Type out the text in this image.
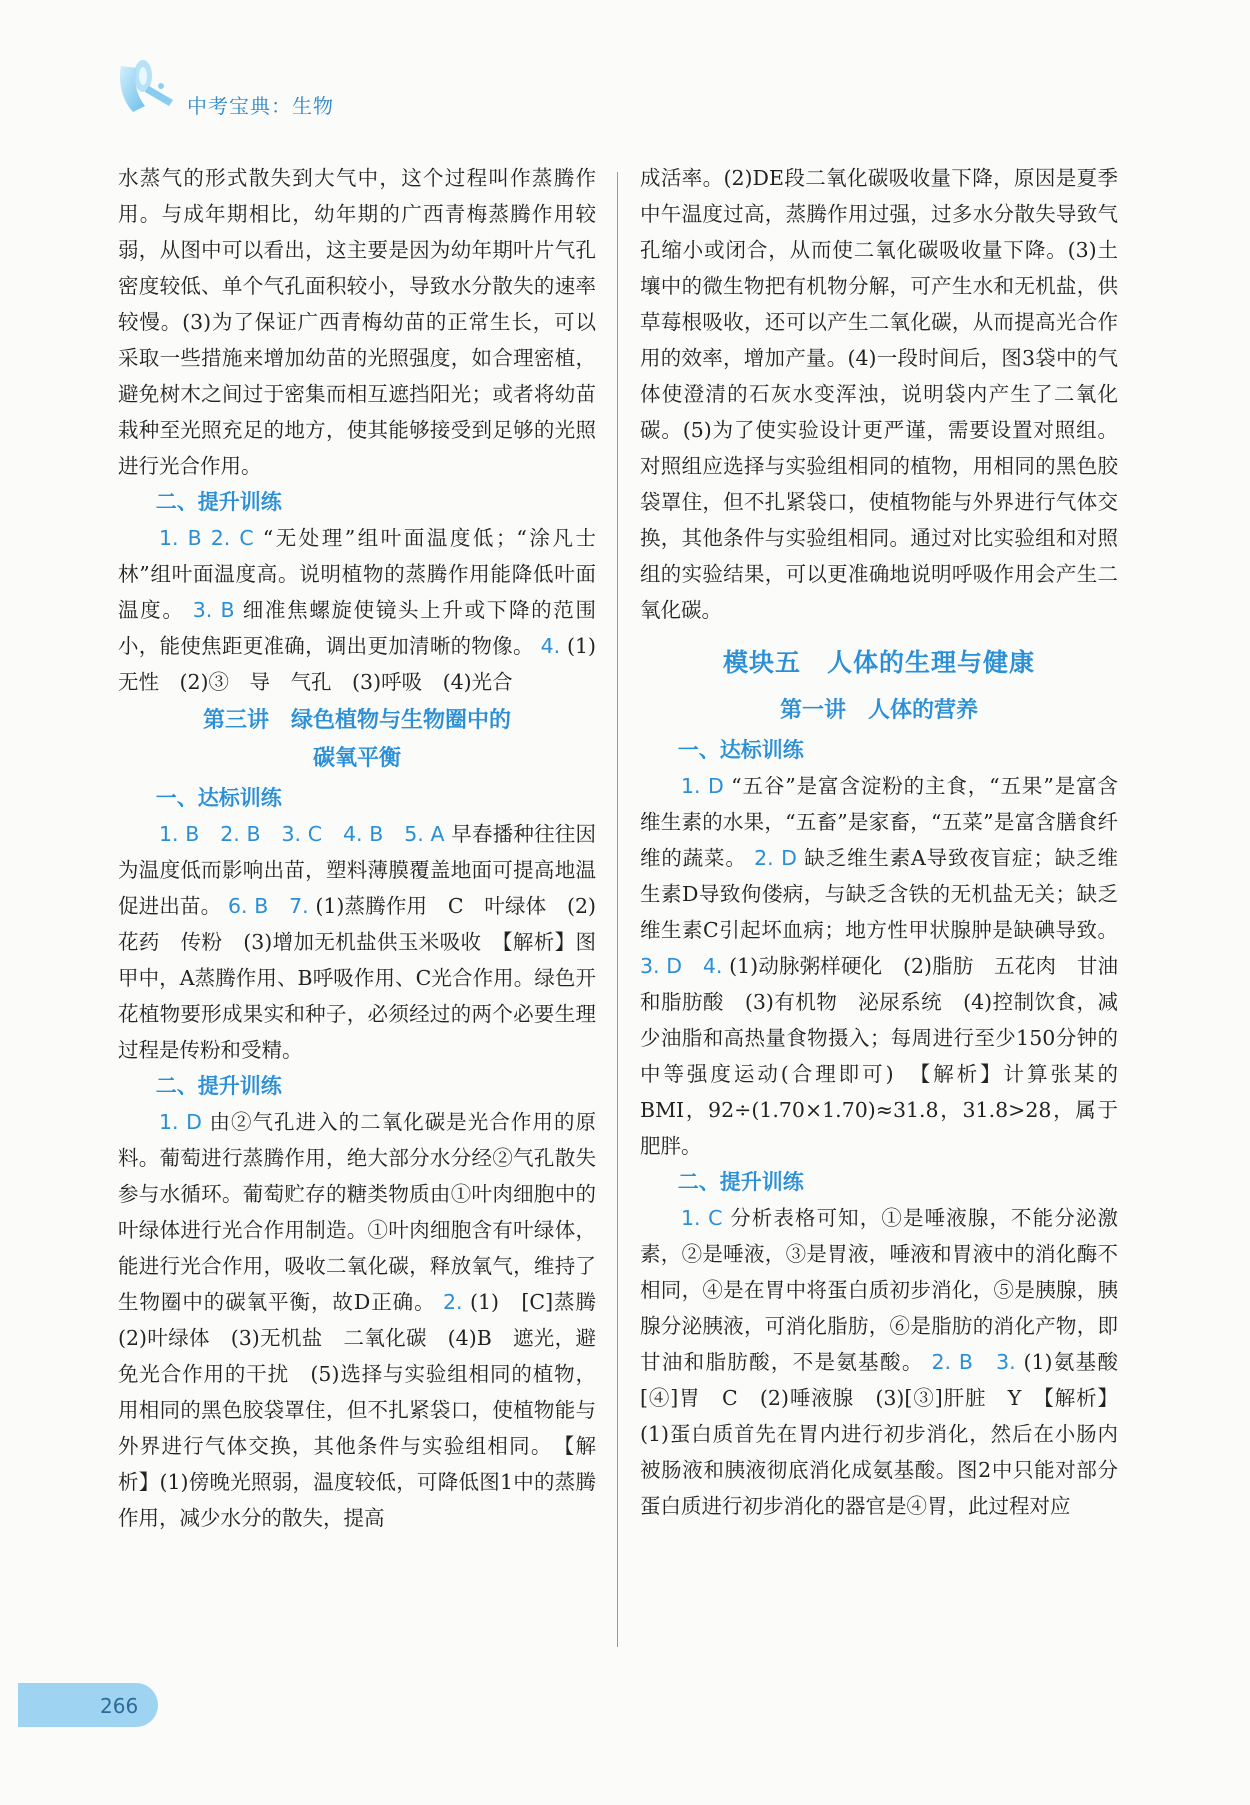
中考宝典：生物

水蒸气的形式散失到大气中，这个过程叫作蒸腾作用。与成年期相比，幼年期的广西青梅蒸腾作用较弱，从图中可以看出，这主要是因为幼年期叶片气孔密度较低、单个气孔面积较小，导致水分散失的速率较慢。(3)为了保证广西青梅幼苗的正常生长，可以采取一些措施来增加幼苗的光照强度，如合理密植，避免树木之间过于密集而相互遮挡阳光；或者将幼苗栽种至光照充足的地方，使其能够接受到足够的光照进行光合作用。

二、提升训练

1. B 2. C “无处理”组叶面温度低；“涂凡士林”组叶面温度高。说明植物的蒸腾作用能降低叶面温度。 3. B 细准焦螺旋使镜头上升或下降的范围小，能使焦距更准确，调出更加清晰的物像。 4. (1)无性　(2)③　导　气孔　(3)呼吸　(4)光合

第三讲　绿色植物与生物圈中的
碳氧平衡
一、达标训练

1. B　2. B　3. C　4. B　5. A 早春播种往往因为温度低而影响出苗，塑料薄膜覆盖地面可提高地温促进出苗。 6. B　7. (1)蒸腾作用　C　叶绿体　(2)花药　传粉　(3)增加无机盐供玉米吸收　【解析】图甲中，A蒸腾作用、B呼吸作用、C光合作用。绿色开花植物要形成果实和种子，必须经过的两个必要生理过程是传粉和受精。

二、提升训练

1. D 由②气孔进入的二氧化碳是光合作用的原料。葡萄进行蒸腾作用，绝大部分水分经②气孔散失参与水循环。葡萄贮存的糖类物质由①叶肉细胞中的叶绿体进行光合作用制造。①叶肉细胞含有叶绿体，能进行光合作用，吸收二氧化碳，释放氧气，维持了生物圈中的碳氧平衡，故D正确。 2. (1)　[C]蒸腾　(2)叶绿体　(3)无机盐　二氧化碳　(4)B　遮光，避免光合作用的干扰　(5)选择与实验组相同的植物，用相同的黑色胶袋罩住，但不扎紧袋口，使植物能与外界进行气体交换，其他条件与实验组相同。　【解析】(1)傍晚光照弱，温度较低，可降低图1中的蒸腾作用，减少水分的散失，提高

成活率。(2)DE段二氧化碳吸收量下降，原因是夏季中午温度过高，蒸腾作用过强，过多水分散失导致气孔缩小或闭合，从而使二氧化碳吸收量下降。(3)土壤中的微生物把有机物分解，可产生水和无机盐，供草莓根吸收，还可以产生二氧化碳，从而提高光合作用的效率，增加产量。(4)一段时间后，图3袋中的气体使澄清的石灰水变浑浊，说明袋内产生了二氧化碳。(5)为了使实验设计更严谨，需要设置对照组。对照组应选择与实验组相同的植物，用相同的黑色胶袋罩住，但不扎紧袋口，使植物能与外界进行气体交换，其他条件与实验组相同。通过对比实验组和对照组的实验结果，可以更准确地说明呼吸作用会产生二氧化碳。

模块五　人体的生理与健康
第一讲　人体的营养
一、达标训练

1. D “五谷”是富含淀粉的主食，“五果”是富含维生素的水果，“五畜”是家畜，“五菜”是富含膳食纤维的蔬菜。 2. D 缺乏维生素A导致夜盲症；缺乏维生素D导致佝偻病，与缺乏含铁的无机盐无关；缺乏维生素C引起坏血病；地方性甲状腺肿是缺碘导致。 3. D　4. (1)动脉粥样硬化　(2)脂肪　五花肉　甘油和脂肪酸　(3)有机物　泌尿系统　(4)控制饮食，减少油脂和高热量食物摄入；每周进行至少150分钟的中等强度运动(合理即可)　【解析】计算张某的BMI，92÷(1.70×1.70)≈31.8，31.8>28，属于肥胖。

二、提升训练

1. C 分析表格可知，①是唾液腺，不能分泌激素，②是唾液，③是胃液，唾液和胃液中的消化酶不相同，④是在胃中将蛋白质初步消化，⑤是胰腺，胰腺分泌胰液，可消化脂肪，⑥是脂肪的消化产物，即甘油和脂肪酸，不是氨基酸。 2. B　3. (1)氨基酸　[④]胃　C　(2)唾液腺　(3)[③]肝脏　Y　【解析】(1)蛋白质首先在胃内进行初步消化，然后在小肠内被肠液和胰液彻底消化成氨基酸。图2中只能对部分蛋白质进行初步消化的器官是④胃，此过程对应

266
